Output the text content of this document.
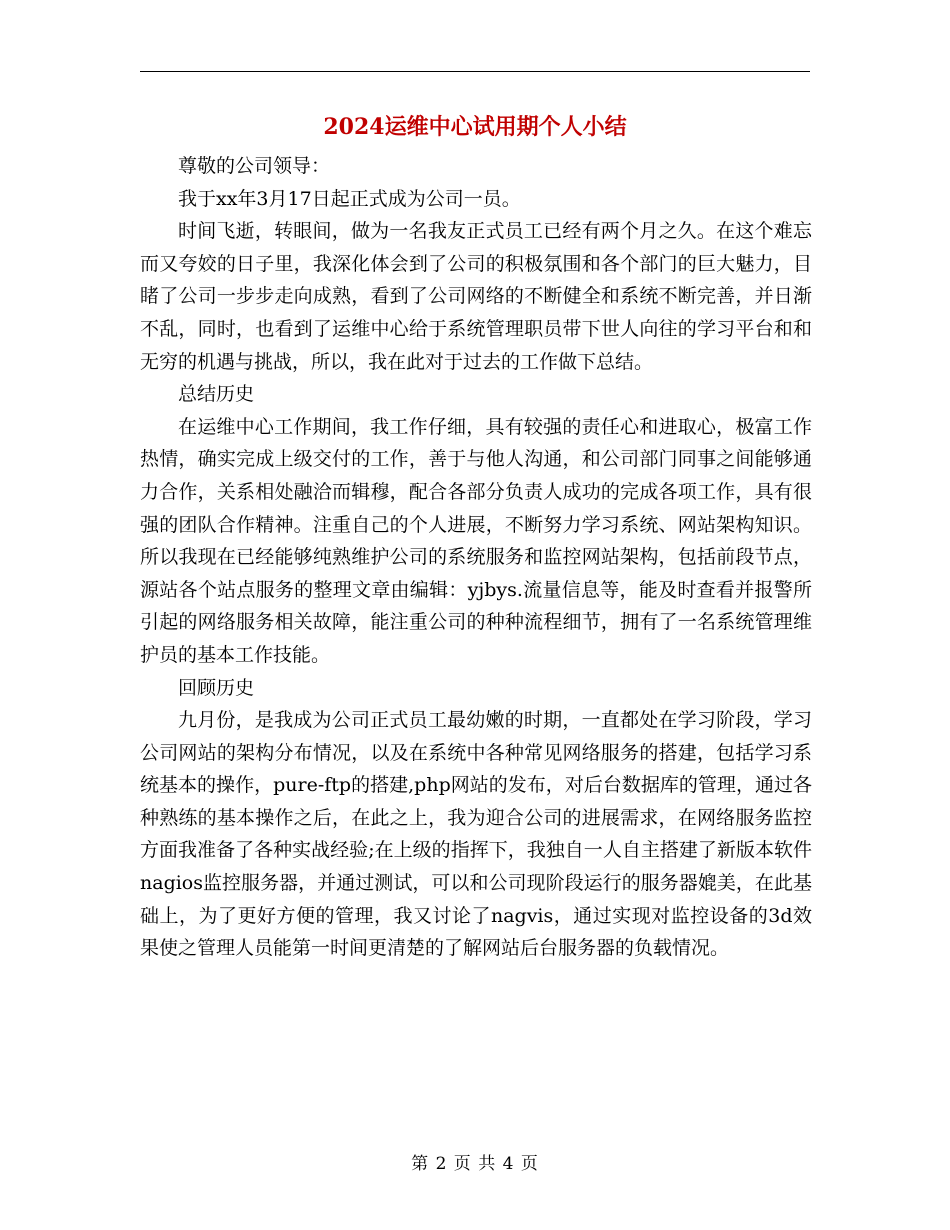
2024运维中心试用期个人小结

尊敬的公司领导：

我于xx年3月17日起正式成为公司一员。

时间飞逝，转眼间，做为一名我友正式员工已经有两个月之久。在这个难忘而又夸姣的日子里，我深化体会到了公司的积极氛围和各个部门的巨大魅力，目睹了公司一步步走向成熟，看到了公司网络的不断健全和系统不断完善，并日渐不乱，同时，也看到了运维中心给于系统管理职员带下世人向往的学习平台和和无穷的机遇与挑战，所以，我在此对于过去的工作做下总结。

总结历史

在运维中心工作期间，我工作仔细，具有较强的责任心和进取心，极富工作热情，确实完成上级交付的工作，善于与他人沟通，和公司部门同事之间能够通力合作，关系相处融洽而辑穆，配合各部分负责人成功的完成各项工作，具有很强的团队合作精神。注重自己的个人进展，不断努力学习系统、网站架构知识。所以我现在已经能够纯熟维护公司的系统服务和监控网站架构，包括前段节点，源站各个站点服务的整理文章由编辑：yjbys.流量信息等，能及时查看并报警所引起的网络服务相关故障，能注重公司的种种流程细节，拥有了一名系统管理维护员的基本工作技能。

回顾历史

九月份，是我成为公司正式员工最幼嫩的时期，一直都处在学习阶段，学习公司网站的架构分布情况，以及在系统中各种常见网络服务的搭建，包括学习系统基本的操作，pure-ftp的搭建,php网站的发布，对后台数据库的管理，通过各种熟练的基本操作之后，在此之上，我为迎合公司的进展需求，在网络服务监控方面我准备了各种实战经验;在上级的指挥下，我独自一人自主搭建了新版本软件nagios监控服务器，并通过测试，可以和公司现阶段运行的服务器媲美，在此基础上，为了更好方便的管理，我又讨论了nagvis，通过实现对监控设备的3d效果使之管理人员能第一时间更清楚的了解网站后台服务器的负载情况。

第 2 页 共 4 页
